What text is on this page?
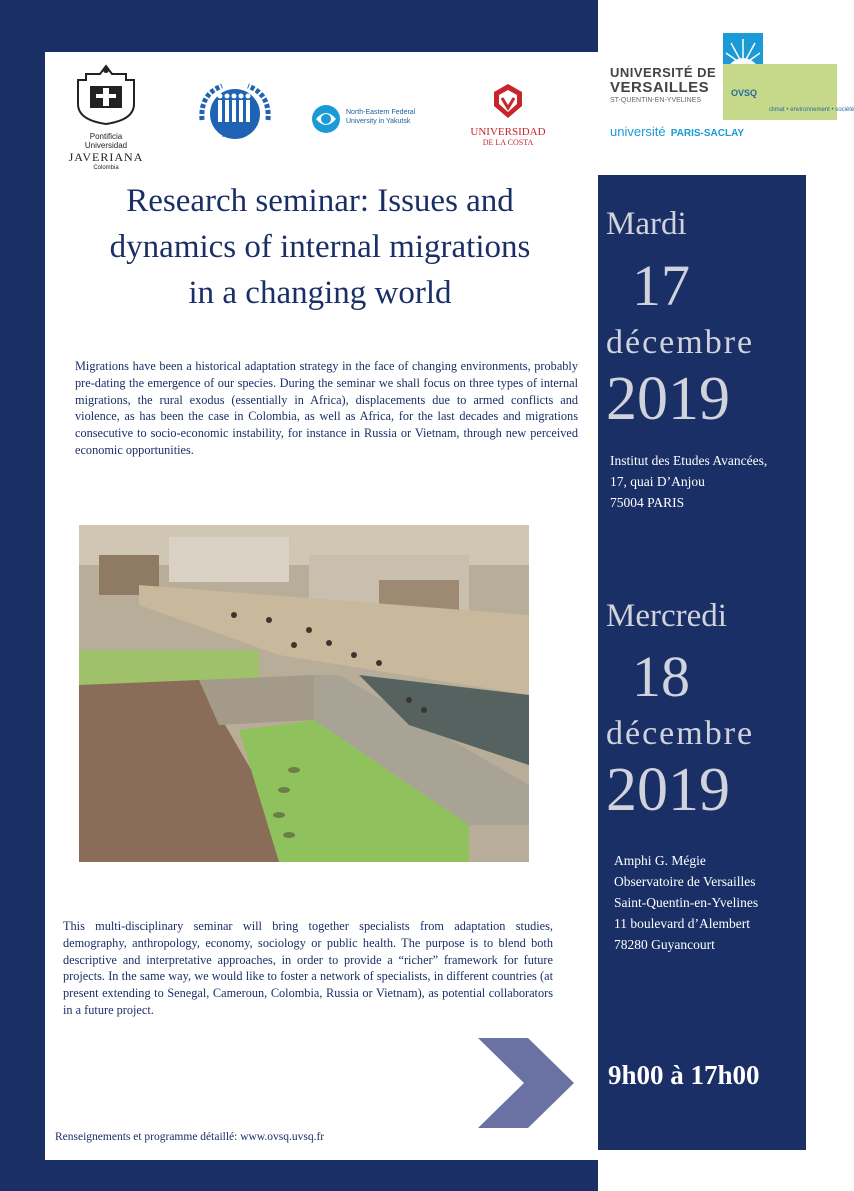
Pontificia Universidad
JAVERIANA
Colombia
IFORD
North-Eastern Federal
University in Yakutsk
UNIVERSIDAD
DE LA COSTA
UNIVERSITÉ DE
VERSAILLES
ST-QUENTIN-EN-YVELINES
OVSQ
climat • environnement • société
université PARIS-SACLAY
Research seminar: Issues and
dynamics of internal migrations
in a changing world
Migrations have been a historical adaptation strategy in the face of changing environments, probably pre-dating the emergence of our species. During the seminar we shall focus on three types of internal migrations, the rural exodus (essentially in Africa), displacements due to armed conflicts and violence, as has been the case in Colombia, as well as Africa, for the last decades and migrations consecutive to socio-economic instability, for instance in Russia or Vietnam, through new perceived economic opportunities.
This multi-disciplinary seminar will bring together specialists from adaptation studies, demography, anthropology, economy, sociology or public health. The purpose is to blend both descriptive and interpretative approaches, in order to provide a “richer” framework for future projects. In the same way, we would like to foster a network of specialists, in different countries (at present extending to Senegal, Cameroun, Colombia, Russia or Vietnam), as potential collaborators in a future project.
Renseignements et programme détaillé: www.ovsq.uvsq.fr
Mardi
17
décembre
2019
Institut des Etudes Avancées,
17, quai D’Anjou
75004 PARIS
Mercredi
18
décembre
2019
Amphi G. Mégie
Observatoire de Versailles
Saint-Quentin-en-Yvelines
11 boulevard d’Alembert
78280 Guyancourt
9h00 à 17h00
